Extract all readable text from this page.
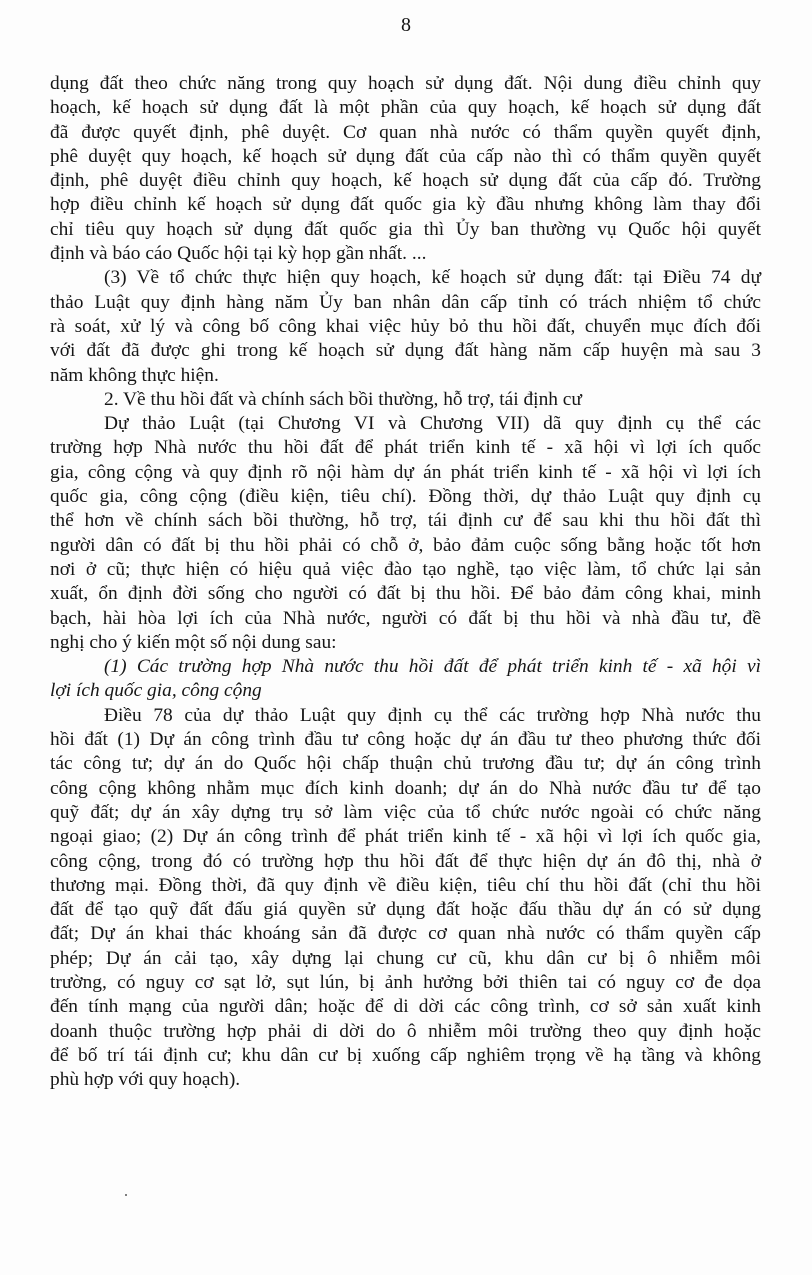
8
dụng đất theo chức năng trong quy hoạch sử dụng đất. Nội dung điều chỉnh quy
hoạch, kế hoạch sử dụng đất là một phần của quy hoạch, kế hoạch sử dụng đất
đã được quyết định, phê duyệt. Cơ quan nhà nước có thẩm quyền quyết định,
phê duyệt quy hoạch, kế hoạch sử dụng đất của cấp nào thì có thẩm quyền quyết
định, phê duyệt điều chỉnh quy hoạch, kế hoạch sử dụng đất của cấp đó. Trường
hợp điều chỉnh kế hoạch sử dụng đất quốc gia kỳ đầu nhưng không làm thay đổi
chỉ tiêu quy hoạch sử dụng đất quốc gia thì Ủy ban thường vụ Quốc hội quyết
định và báo cáo Quốc hội tại kỳ họp gần nhất. ...
(3) Về tổ chức thực hiện quy hoạch, kế hoạch sử dụng đất: tại Điều 74 dự
thảo Luật quy định hàng năm Ủy ban nhân dân cấp tỉnh có trách nhiệm tổ chức
rà soát, xử lý và công bố công khai việc hủy bỏ thu hồi đất, chuyển mục đích đối
với đất đã được ghi trong kế hoạch sử dụng đất hàng năm cấp huyện mà sau 3
năm không thực hiện.
2. Về thu hồi đất và chính sách bồi thường, hỗ trợ, tái định cư
Dự thảo Luật (tại Chương VI và Chương VII) dã quy định cụ thể các
trường hợp Nhà nước thu hồi đất để phát triển kinh tế - xã hội vì lợi ích quốc
gia, công cộng và quy định rõ nội hàm dự án phát triển kinh tế - xã hội vì lợi ích
quốc gia, công cộng (điều kiện, tiêu chí). Đồng thời, dự thảo Luật quy định cụ
thể hơn về chính sách bồi thường, hỗ trợ, tái định cư để sau khi thu hồi đất thì
người dân có đất bị thu hồi phải có chỗ ở, bảo đảm cuộc sống bằng hoặc tốt hơn
nơi ở cũ; thực hiện có hiệu quả việc đào tạo nghề, tạo việc làm, tổ chức lại sản
xuất, ổn định đời sống cho người có đất bị thu hồi. Để bảo đảm công khai, minh
bạch, hài hòa lợi ích của Nhà nước, người có đất bị thu hồi và nhà đầu tư, đề
nghị cho ý kiến một số nội dung sau:
(1) Các trường hợp Nhà nước thu hồi đất để phát triển kinh tế - xã hội vì
lợi ích quốc gia, công cộng
Điều 78 của dự thảo Luật quy định cụ thể các trường hợp Nhà nước thu
hồi đất (1) Dự án công trình đầu tư công hoặc dự án đầu tư theo phương thức đối
tác công tư; dự án do Quốc hội chấp thuận chủ trương đầu tư; dự án công trình
công cộng không nhằm mục đích kinh doanh; dự án do Nhà nước đầu tư để tạo
quỹ đất; dự án xây dựng trụ sở làm việc của tổ chức nước ngoài có chức năng
ngoại giao; (2) Dự án công trình để phát triển kinh tế - xã hội vì lợi ích quốc gia,
công cộng, trong đó có trường hợp thu hồi đất để thực hiện dự án đô thị, nhà ở
thương mại. Đồng thời, đã quy định về điều kiện, tiêu chí thu hồi đất (chỉ thu hồi
đất để tạo quỹ đất đấu giá quyền sử dụng đất hoặc đấu thầu dự án có sử dụng
đất; Dự án khai thác khoáng sản đã được cơ quan nhà nước có thẩm quyền cấp
phép; Dự án cải tạo, xây dựng lại chung cư cũ, khu dân cư bị ô nhiễm môi
trường, có nguy cơ sạt lở, sụt lún, bị ảnh hưởng bởi thiên tai có nguy cơ đe dọa
đến tính mạng của người dân; hoặc để di dời các công trình, cơ sở sản xuất kinh
doanh thuộc trường hợp phải di dời do ô nhiễm môi trường theo quy định hoặc
để bố trí tái định cư; khu dân cư bị xuống cấp nghiêm trọng về hạ tầng và không
phù hợp với quy hoạch).
